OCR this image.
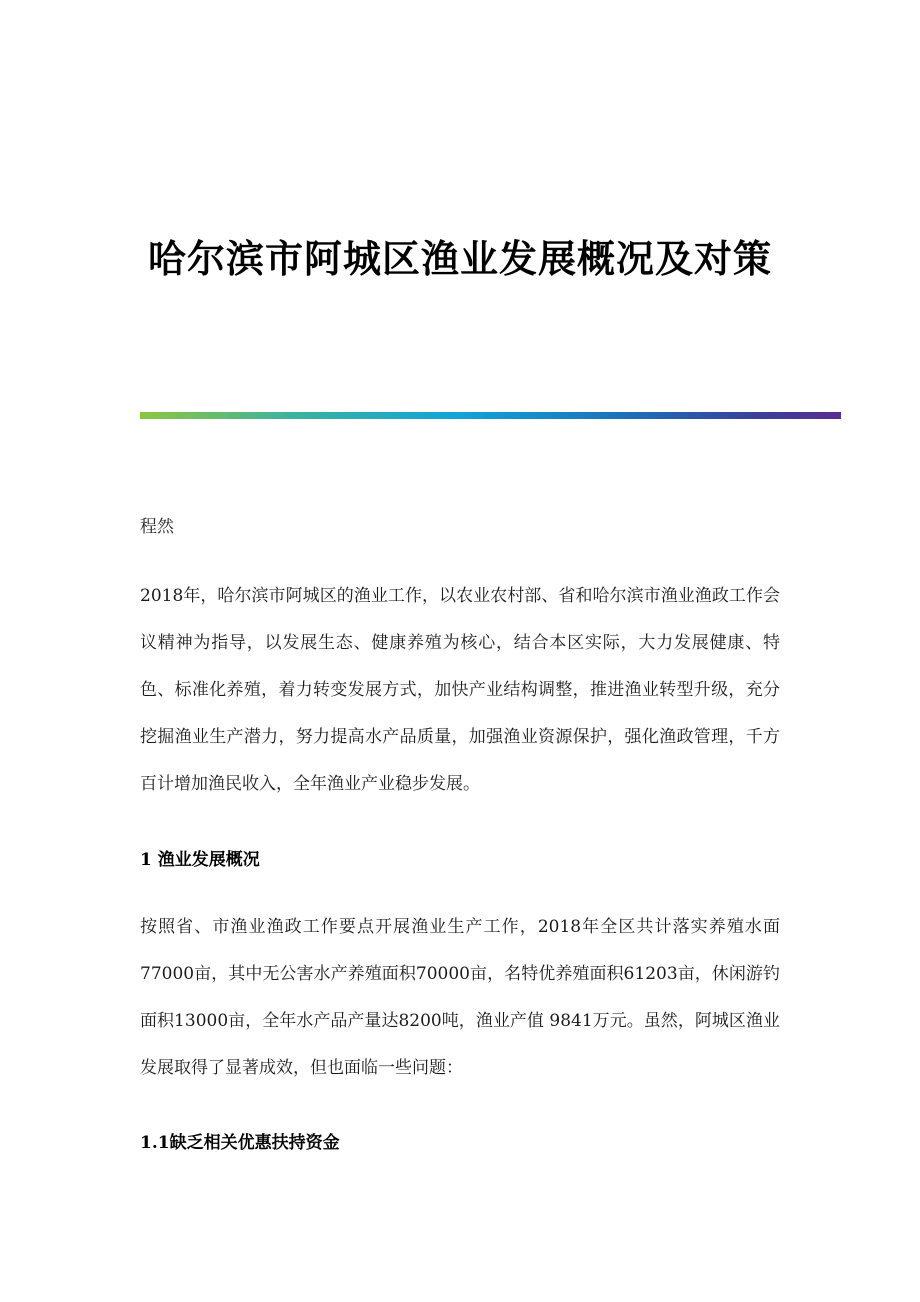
哈尔滨市阿城区渔业发展概况及对策
程然
2018年，哈尔滨市阿城区的渔业工作，以农业农村部、省和哈尔滨市渔业渔政工作会议精神为指导，以发展生态、健康养殖为核心，结合本区实际，大力发展健康、特色、标准化养殖，着力转变发展方式，加快产业结构调整，推进渔业转型升级，充分挖掘渔业生产潜力，努力提高水产品质量，加强渔业资源保护，强化渔政管理，千方百计增加渔民收入，全年渔业产业稳步发展。
1 渔业发展概况
按照省、市渔业渔政工作要点开展渔业生产工作，2018年全区共计落实养殖水面77000亩，其中无公害水产养殖面积70000亩，名特优养殖面积61203亩，休闲游钓面积13000亩，全年水产品产量达8200吨，渔业产值 9841万元。虽然，阿城区渔业发展取得了显著成效，但也面临一些问题：
1.1缺乏相关优惠扶持资金
